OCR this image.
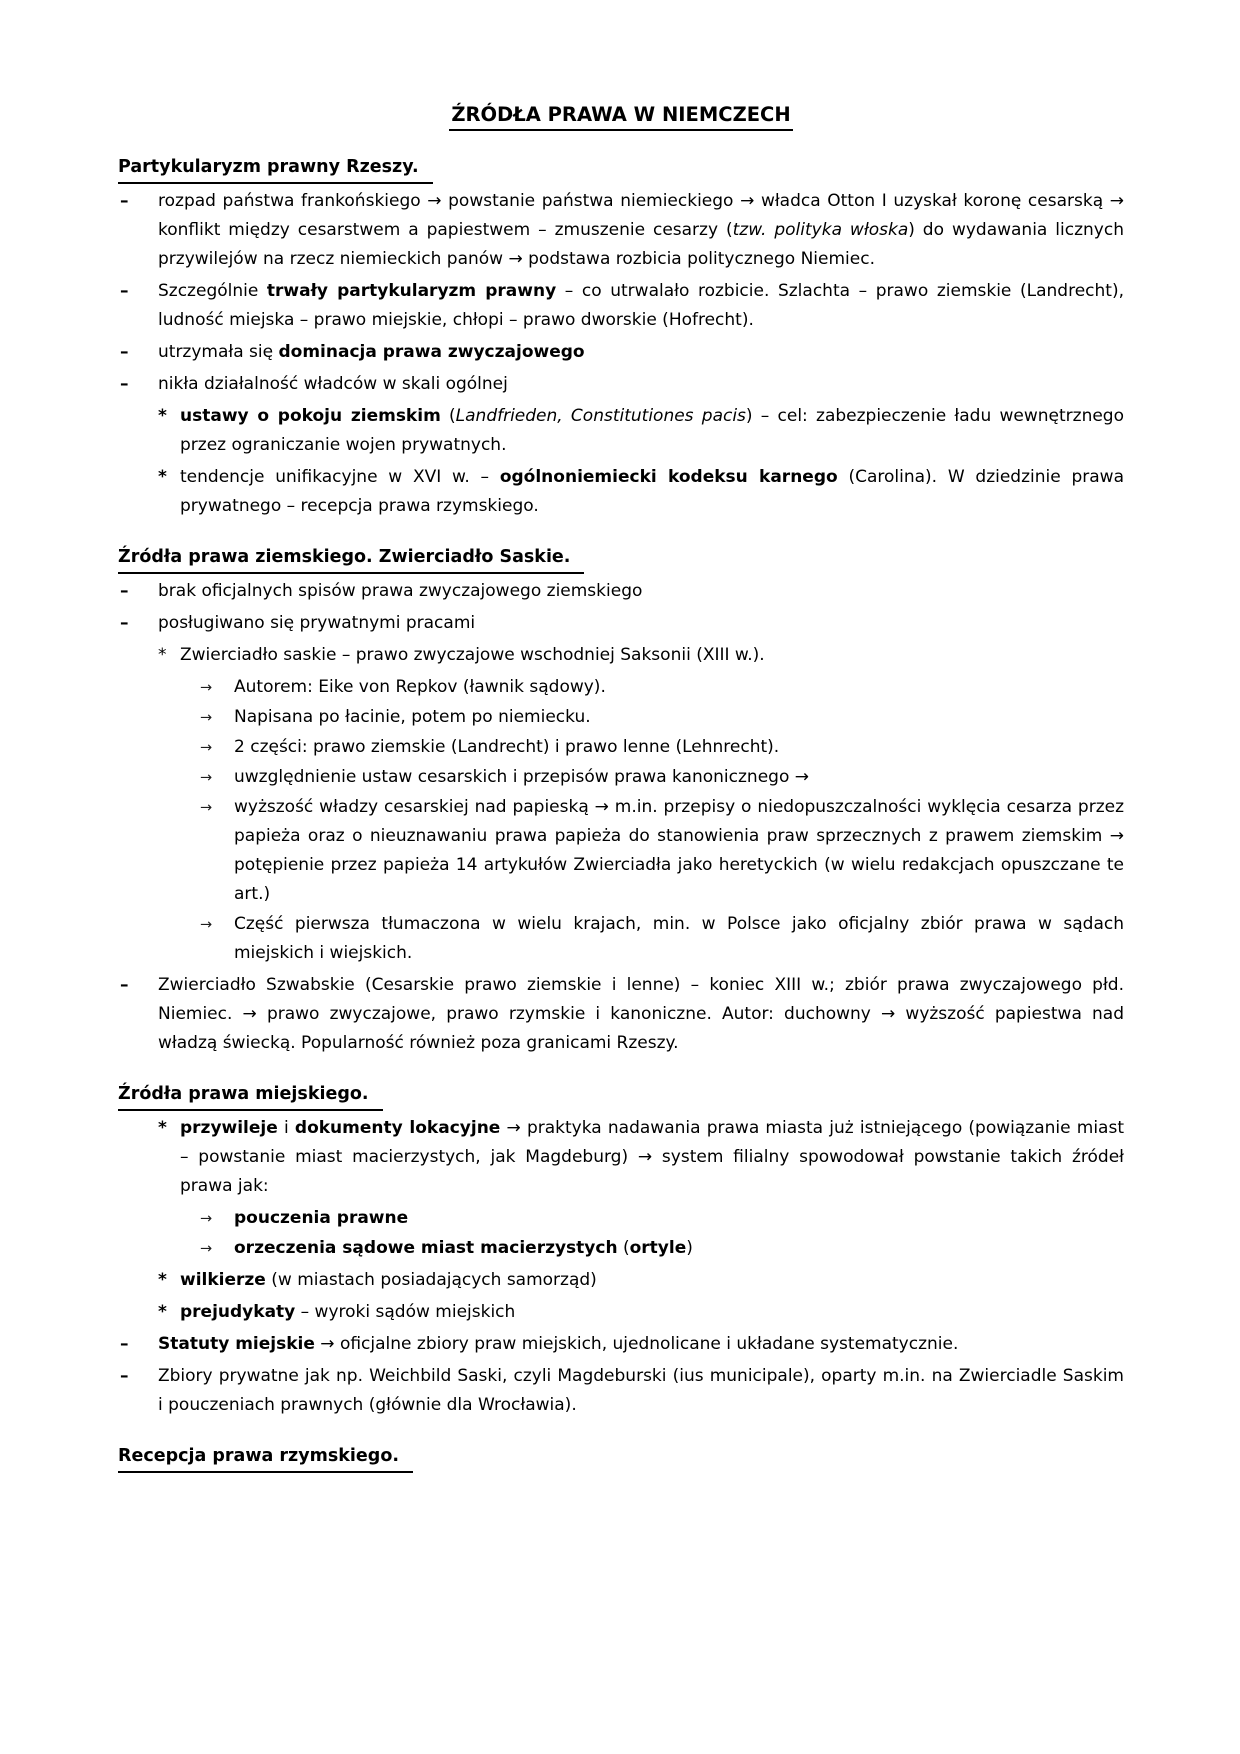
ŹRÓDŁA PRAWA W NIEMCZECH
Partykularyzm prawny Rzeszy.
– rozpad państwa frankońskiego → powstanie państwa niemieckiego → władca Otton I uzyskał koronę cesarską → konflikt między cesarstwem a papiestwem – zmuszenie cesarzy (tzw. polityka włoska) do wydawania licznych przywilejów na rzecz niemieckich panów → podstawa rozbicia politycznego Niemiec.
– Szczególnie trwały partykularyzm prawny – co utrwalało rozbicie. Szlachta – prawo ziemskie (Landrecht), ludność miejska – prawo miejskie, chłopi – prawo dworskie (Hofrecht).
– utrzymała się dominacja prawa zwyczajowego
– nikła działalność władców w skali ogólnej
* ustawy o pokoju ziemskim (Landfrieden, Constitutiones pacis) – cel: zabezpieczenie ładu wewnętrznego przez ograniczanie wojen prywatnych.
* tendencje unifikacyjne w XVI w. – ogólnoniemiecki kodeksu karnego (Carolina). W dziedzinie prawa prywatnego – recepcja prawa rzymskiego.
Źródła prawa ziemskiego. Zwierciadło Saskie.
– brak oficjalnych spisów prawa zwyczajowego ziemskiego
– posługiwano się prywatnymi pracami
* Zwierciadło saskie – prawo zwyczajowe wschodniej Saksonii (XIII w.).
→ Autorem: Eike von Repkov (ławnik sądowy).
→ Napisana po łacinie, potem po niemiecku.
→ 2 części: prawo ziemskie (Landrecht) i prawo lenne (Lehnrecht).
→ uwzględnienie ustaw cesarskich i przepisów prawa kanonicznego →
→ wyższość władzy cesarskiej nad papieską → m.in. przepisy o niedopuszczalności wyklęcia cesarza przez papieża oraz o nieuznawaniu prawa papieża do stanowienia praw sprzecznych z prawem ziemskim → potępienie przez papieża 14 artykułów Zwierciadła jako heretyckich (w wielu redakcjach opuszczane te art.)
→ Część pierwsza tłumaczona w wielu krajach, min. w Polsce jako oficjalny zbiór prawa w sądach miejskich i wiejskich.
– Zwierciadło Szwabskie (Cesarskie prawo ziemskie i lenne) – koniec XIII w.; zbiór prawa zwyczajowego płd. Niemiec. → prawo zwyczajowe, prawo rzymskie i kanoniczne. Autor: duchowny → wyższość papiestwa nad władzą świecką. Popularność również poza granicami Rzeszy.
Źródła prawa miejskiego.
* przywileje i dokumenty lokacyjne → praktyka nadawania prawa miasta już istniejącego (powiązanie miast – powstanie miast macierzystych, jak Magdeburg) → system filialny spowodował powstanie takich źródeł prawa jak:
→ pouczenia prawne
→ orzeczenia sądowe miast macierzystych (ortyle)
* wilkierze (w miastach posiadających samorząd)
* prejudykaty – wyroki sądów miejskich
– Statuty miejskie → oficjalne zbiory praw miejskich, ujednolicane i układane systematycznie.
– Zbiory prywatne jak np. Weichbild Saski, czyli Magdeburski (ius municipale), oparty m.in. na Zwierciadle Saskim i pouczeniach prawnych (głównie dla Wrocławia).
Recepcja prawa rzymskiego.
